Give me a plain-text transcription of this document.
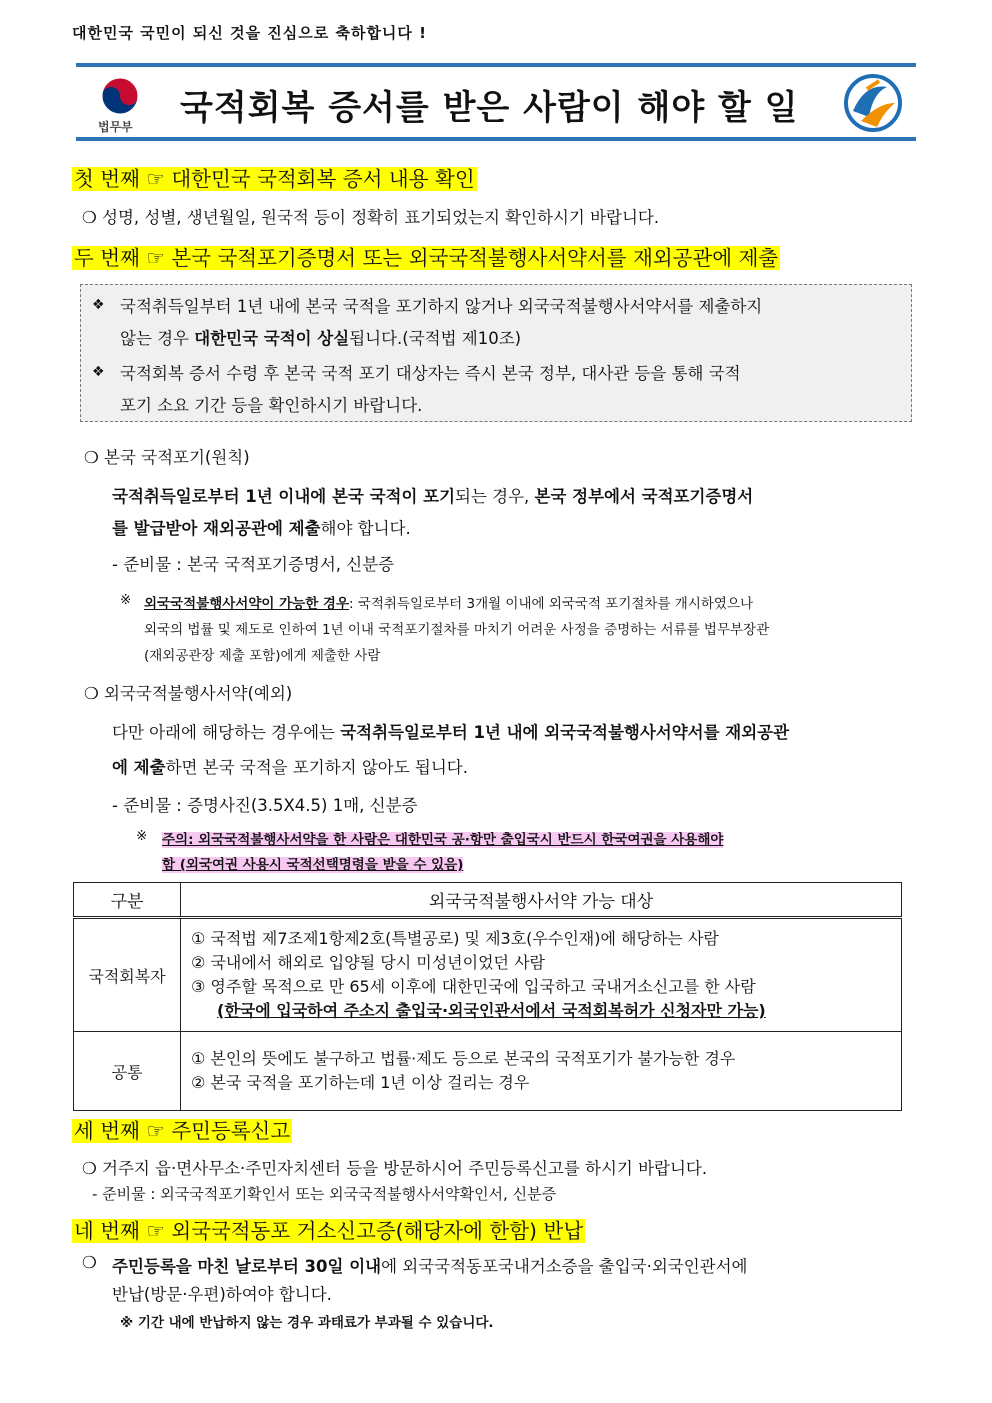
대한민국 국민이 되신 것을 진심으로 축하합니다 !
법무부 국적회복 증서를 받은 사람이 해야 할 일
첫 번째 ☞ 대한민국 국적회복 증서 내용 확인
❍ 성명, 성별, 생년월일, 원국적 등이 정확히 표기되었는지 확인하시기 바랍니다.
두 번째 ☞ 본국 국적포기증명서 또는 외국국적불행사서약서를 재외공관에 제출
❖ 국적취득일부터 1년 내에 본국 국적을 포기하지 않거나 외국국적불행사서약서를 제출하지
않는 경우 대한민국 국적이 상실됩니다.(국적법 제10조)
❖ 국적회복 증서 수령 후 본국 국적 포기 대상자는 즉시 본국 정부, 대사관 등을 통해 국적
포기 소요 기간 등을 확인하시기 바랍니다.
❍ 본국 국적포기(원칙)
국적취득일로부터 1년 이내에 본국 국적이 포기되는 경우, 본국 정부에서 국적포기증명서
를 발급받아 재외공관에 제출해야 합니다.
- 준비물 : 본국 국적포기증명서, 신분증
※ 외국국적불행사서약이 가능한 경우: 국적취득일로부터 3개월 이내에 외국국적 포기절차를 개시하였으나
외국의 법률 및 제도로 인하여 1년 이내 국적포기절차를 마치기 어려운 사정을 증명하는 서류를 법무부장관
(재외공관장 제출 포함)에게 제출한 사람
❍ 외국국적불행사서약(예외)
다만 아래에 해당하는 경우에는 국적취득일로부터 1년 내에 외국국적불행사서약서를 재외공관
에 제출하면 본국 국적을 포기하지 않아도 됩니다.
- 준비물 : 증명사진(3.5X4.5) 1매, 신분증
※ 주의: 외국국적불행사서약을 한 사람은 대한민국 공·항만 출입국시 반드시 한국여권을 사용해야
함 (외국여권 사용시 국적선택명령을 받을 수 있음)
구분	외국국적불행사서약 가능 대상
국적회복자	① 국적법 제7조제1항제2호(특별공로) 및 제3호(우수인재)에 해당하는 사람
② 국내에서 해외로 입양될 당시 미성년이었던 사람
③ 영주할 목적으로 만 65세 이후에 대한민국에 입국하고 국내거소신고를 한 사람
(한국에 입국하여 주소지 출입국·외국인관서에서 국적회복허가 신청자만 가능)

공통	① 본인의 뜻에도 불구하고 법률·제도 등으로 본국의 국적포기가 불가능한 경우
② 본국 국적을 포기하는데 1년 이상 걸리는 경우
세 번째 ☞ 주민등록신고
❍ 거주지 읍·면사무소·주민자치센터 등을 방문하시어 주민등록신고를 하시기 바랍니다.
- 준비물 : 외국국적포기확인서 또는 외국국적불행사서약확인서, 신분증
네 번째 ☞ 외국국적동포 거소신고증(해당자에 한함) 반납
❍ 주민등록을 마친 날로부터 30일 이내에 외국국적동포국내거소증을 출입국·외국인관서에
반납(방문·우편)하여야 합니다.
※ 기간 내에 반납하지 않는 경우 과태료가 부과될 수 있습니다.
